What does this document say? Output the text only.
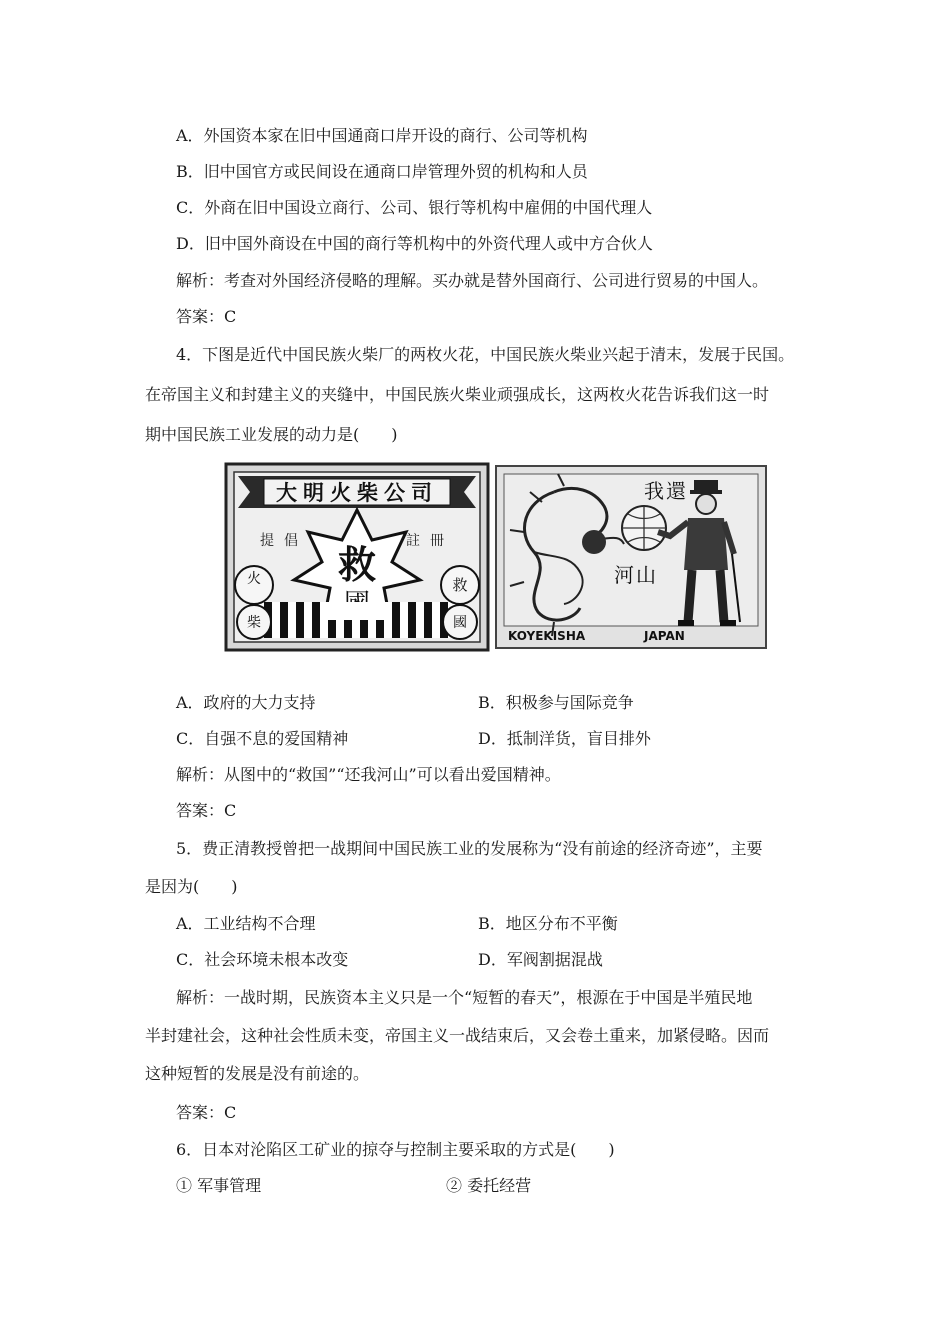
A．外国资本家在旧中国通商口岸开设的商行、公司等机构
B．旧中国官方或民间设在通商口岸管理外贸的机构和人员
C．外商在旧中国设立商行、公司、银行等机构中雇佣的中国代理人
D．旧中国外商设在中国的商行等机构中的外资代理人或中方合伙人
解析：考查对外国经济侵略的理解。买办就是替外国商行、公司进行贸易的中国人。
答案：C
4．下图是近代中国民族火柴厂的两枚火花，中国民族火柴业兴起于清末，发展于民国。
在帝国主义和封建主义的夹缝中，中国民族火柴业顽强成长，这两枚火花告诉我们这一时
期中国民族工业发展的动力是(　　)
大明火柴公司
提倡	註冊
救
火
柴
救
國
我還
河山
KOYEKISHA	JAPAN
A．政府的大力支持	B．积极参与国际竞争
C．自强不息的爱国精神	D．抵制洋货，盲目排外
解析：从图中的“救国”“还我河山”可以看出爱国精神。
答案：C
5．费正清教授曾把一战期间中国民族工业的发展称为“没有前途的经济奇迹”，主要
是因为(　　)
A．工业结构不合理	B．地区分布不平衡
C．社会环境未根本改变	D．军阀割据混战
解析：一战时期，民族资本主义只是一个“短暂的春天”，根源在于中国是半殖民地
半封建社会，这种社会性质未变，帝国主义一战结束后，又会卷土重来，加紧侵略。因而
这种短暂的发展是没有前途的。
答案：C
6．日本对沦陷区工矿业的掠夺与控制主要采取的方式是(　　)
① 军事管理	② 委托经营
